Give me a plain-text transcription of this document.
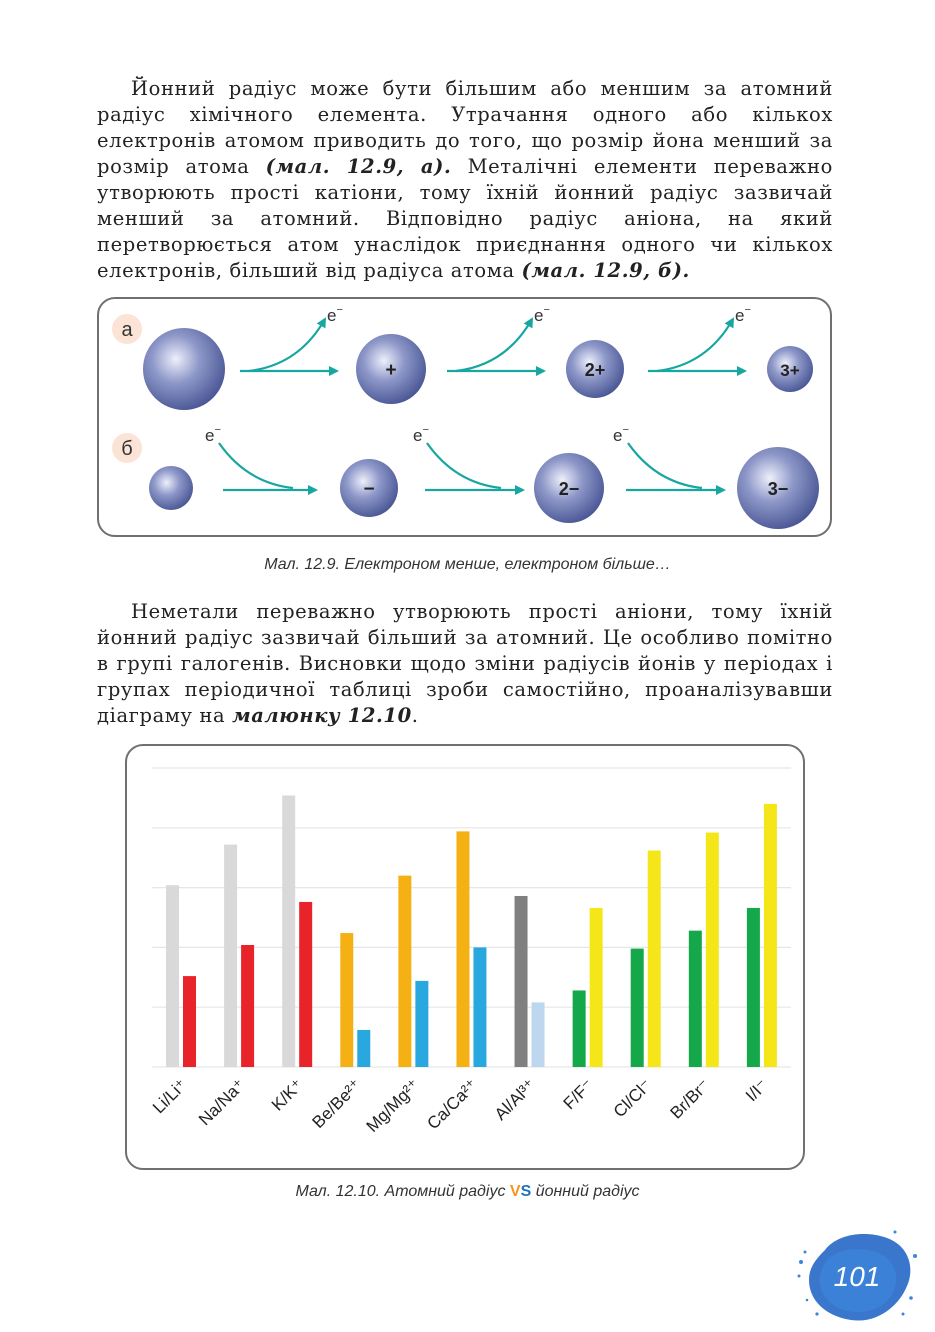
Йонний радіус може бути більшим або меншим за атомний радіус хімічного елемента. Утрачання одного або кількох електронів атомом приводить до того, що розмір йона менший за розмір атома (мал. 12.9, а). Металічні елементи переважно утворюють прості катіони, тому їхній йонний радіус зазвичай менший за атомний. Відповідно радіус аніона, на який перетворюється атом унаслідок приєднання одного чи кількох електронів, більший від радіуса атома (мал. 12.9, б).

а
б
+	2+	3+
e−	e−	e−
−	2−	3−
e−	e−	e−
Мал. 12.9. Електроном менше, електроном більше…

Неметали переважно утворюють прості аніони, тому їхній йонний радіус зазвичай більший за атомний. Це особливо помітно в групі галогенів. Висновки щодо зміни радіусів йонів у періодах і групах періодичної таблиці зроби самостійно, проаналізувавши діаграму на малюнку 12.10.

Li/Li⁺ Na/Na⁺ K/K⁺ Be/Be²⁺
Mg/Mg²⁺ Ca/Ca²⁺ Al/Al³⁺ F/F⁻ Cl/Cl⁻ Br/Br⁻ I/I⁻
Мал. 12.10. Атомний радіус VS йонний радіус
101
